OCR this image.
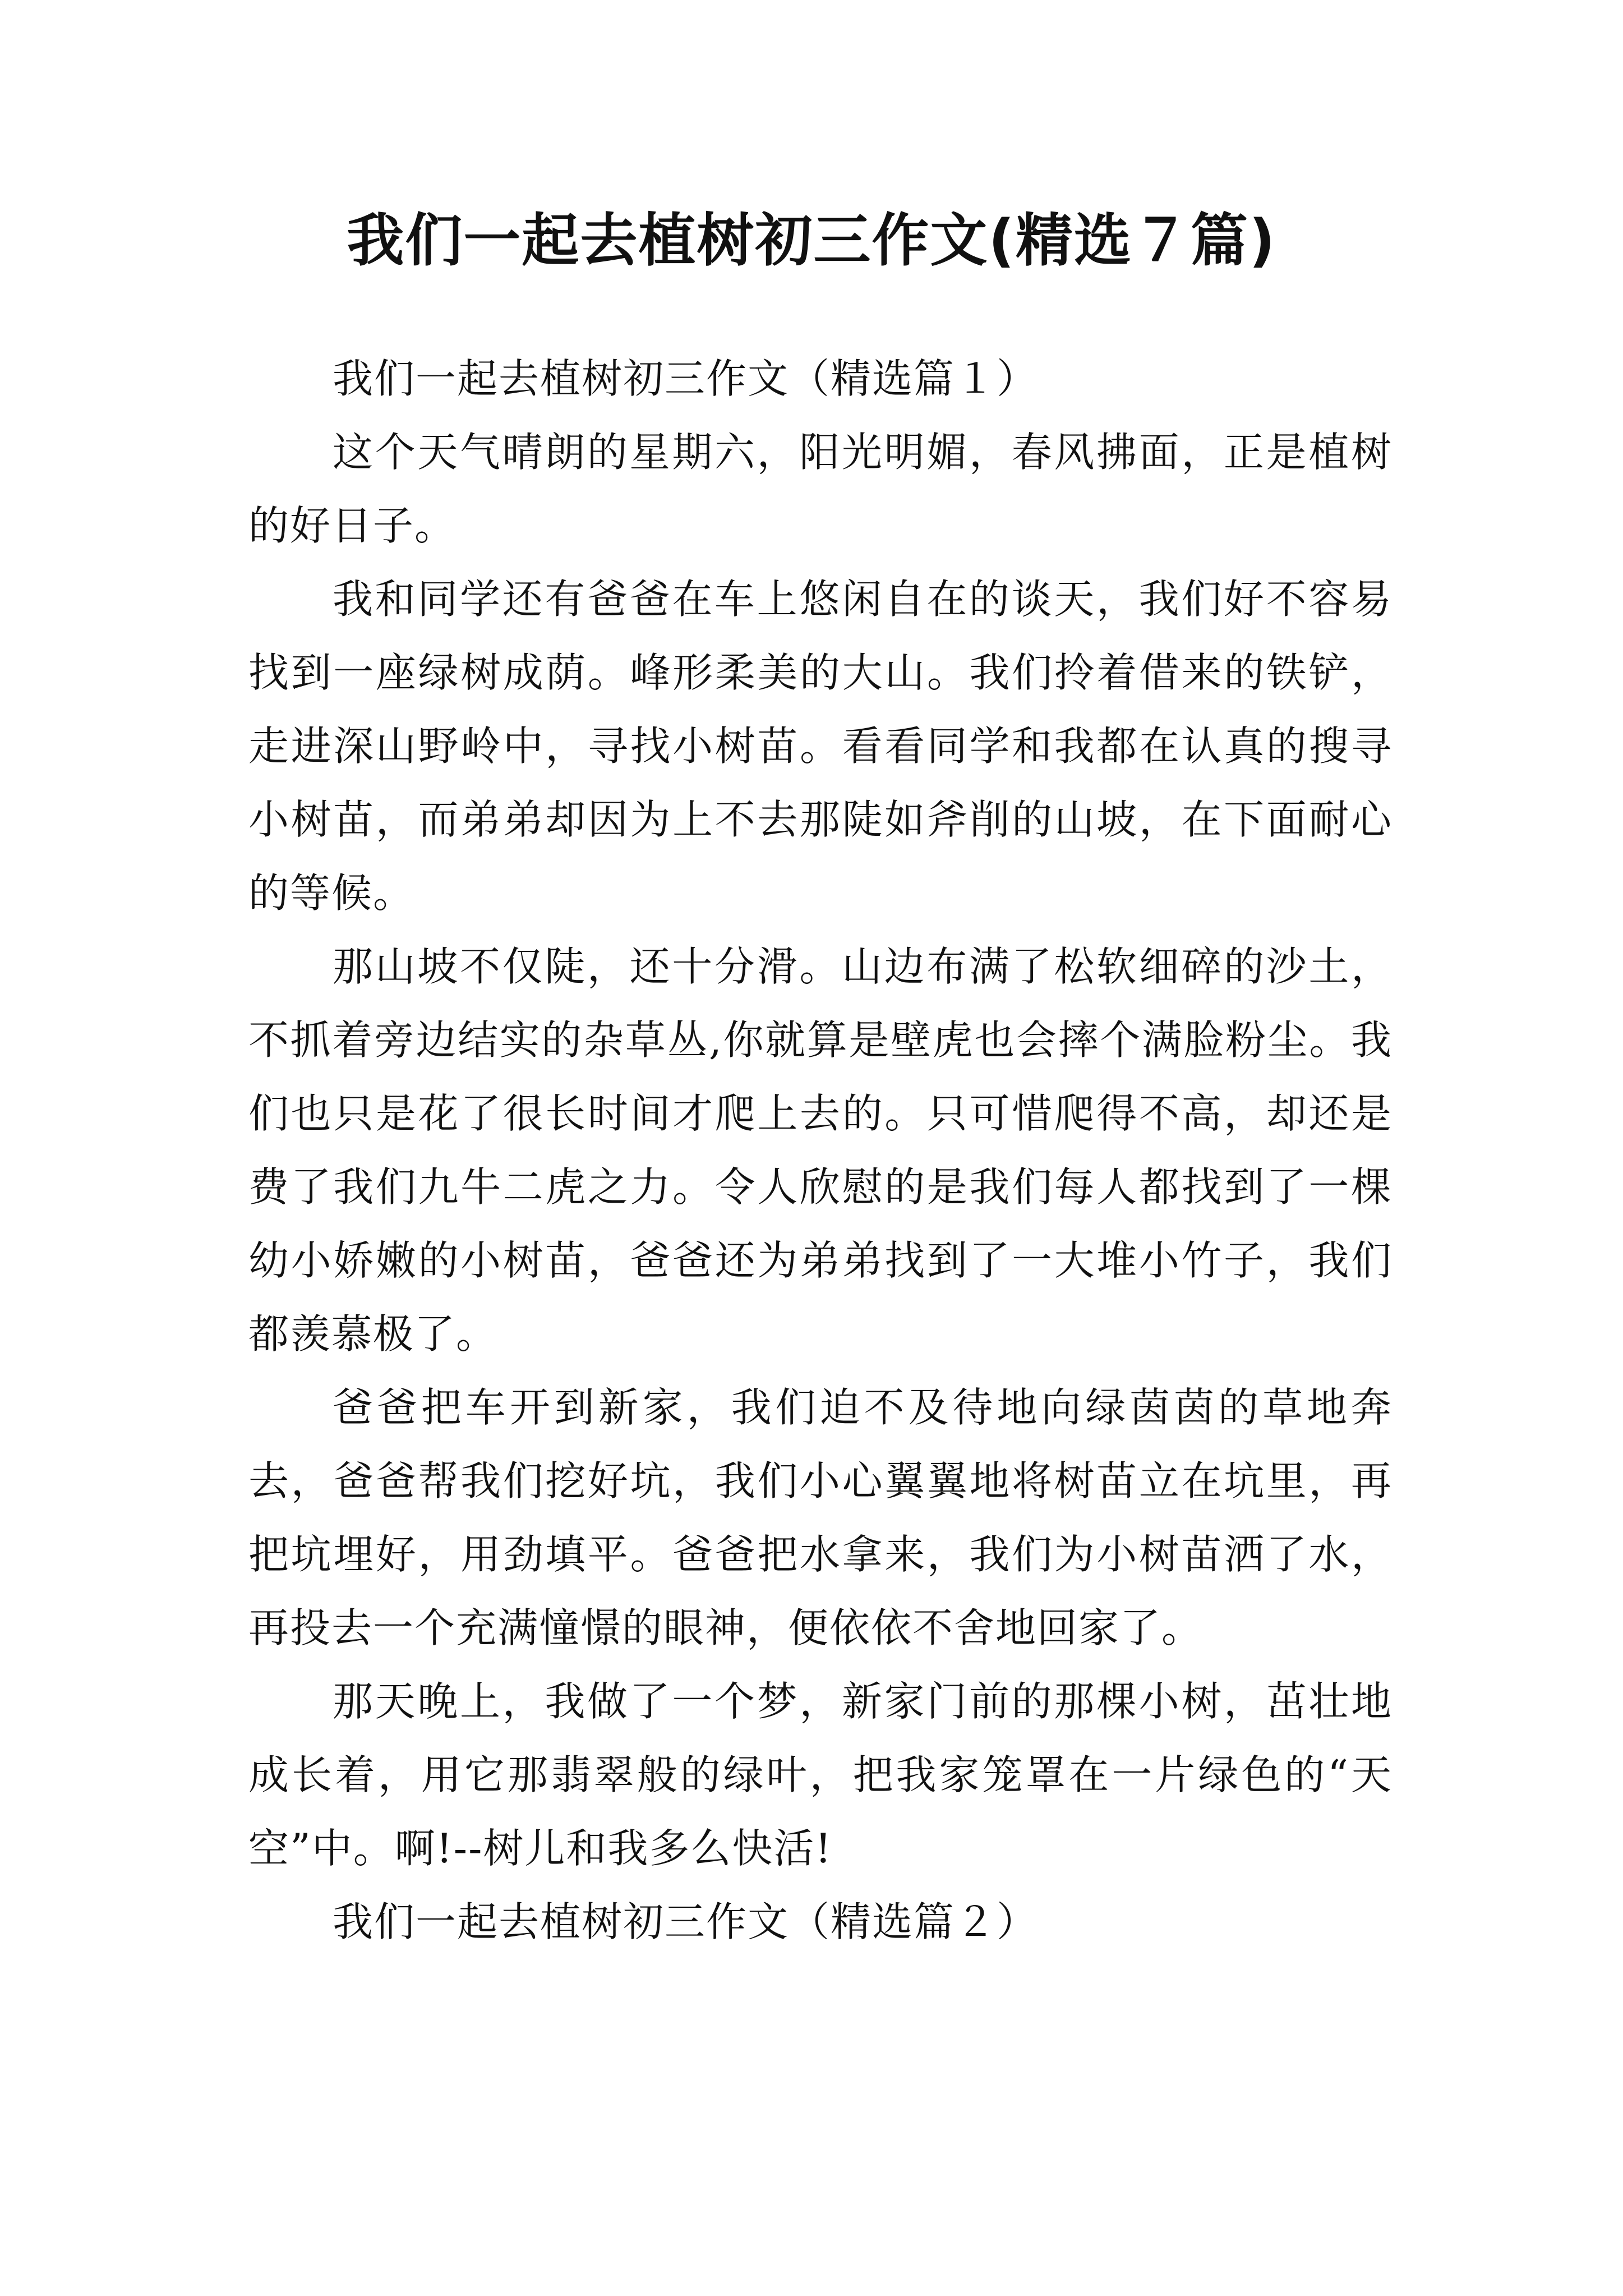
我们一起去植树初三作文(精选７篇)

我们一起去植树初三作文（精选篇１）

这个天气晴朗的星期六，阳光明媚，春风拂面，正是植树的好日子。

我和同学还有爸爸在车上悠闲自在的谈天，我们好不容易找到一座绿树成荫。峰形柔美的大山。我们拎着借来的铁铲，走进深山野岭中，寻找小树苗。看看同学和我都在认真的搜寻小树苗，而弟弟却因为上不去那陡如斧削的山坡，在下面耐心的等候。

那山坡不仅陡，还十分滑。山边布满了松软细碎的沙土，不抓着旁边结实的杂草丛,你就算是壁虎也会摔个满脸粉尘。我们也只是花了很长时间才爬上去的。只可惜爬得不高，却还是费了我们九牛二虎之力。令人欣慰的是我们每人都找到了一棵幼小娇嫩的小树苗，爸爸还为弟弟找到了一大堆小竹子，我们都羡慕极了。

爸爸把车开到新家，我们迫不及待地向绿茵茵的草地奔去，爸爸帮我们挖好坑，我们小心翼翼地将树苗立在坑里，再把坑埋好，用劲填平。爸爸把水拿来，我们为小树苗洒了水，再投去一个充满憧憬的眼神，便依依不舍地回家了。

那天晚上，我做了一个梦，新家门前的那棵小树，茁壮地成长着，用它那翡翠般的绿叶，把我家笼罩在一片绿色的“天空”中。啊!--树儿和我多么快活!

我们一起去植树初三作文（精选篇２）
